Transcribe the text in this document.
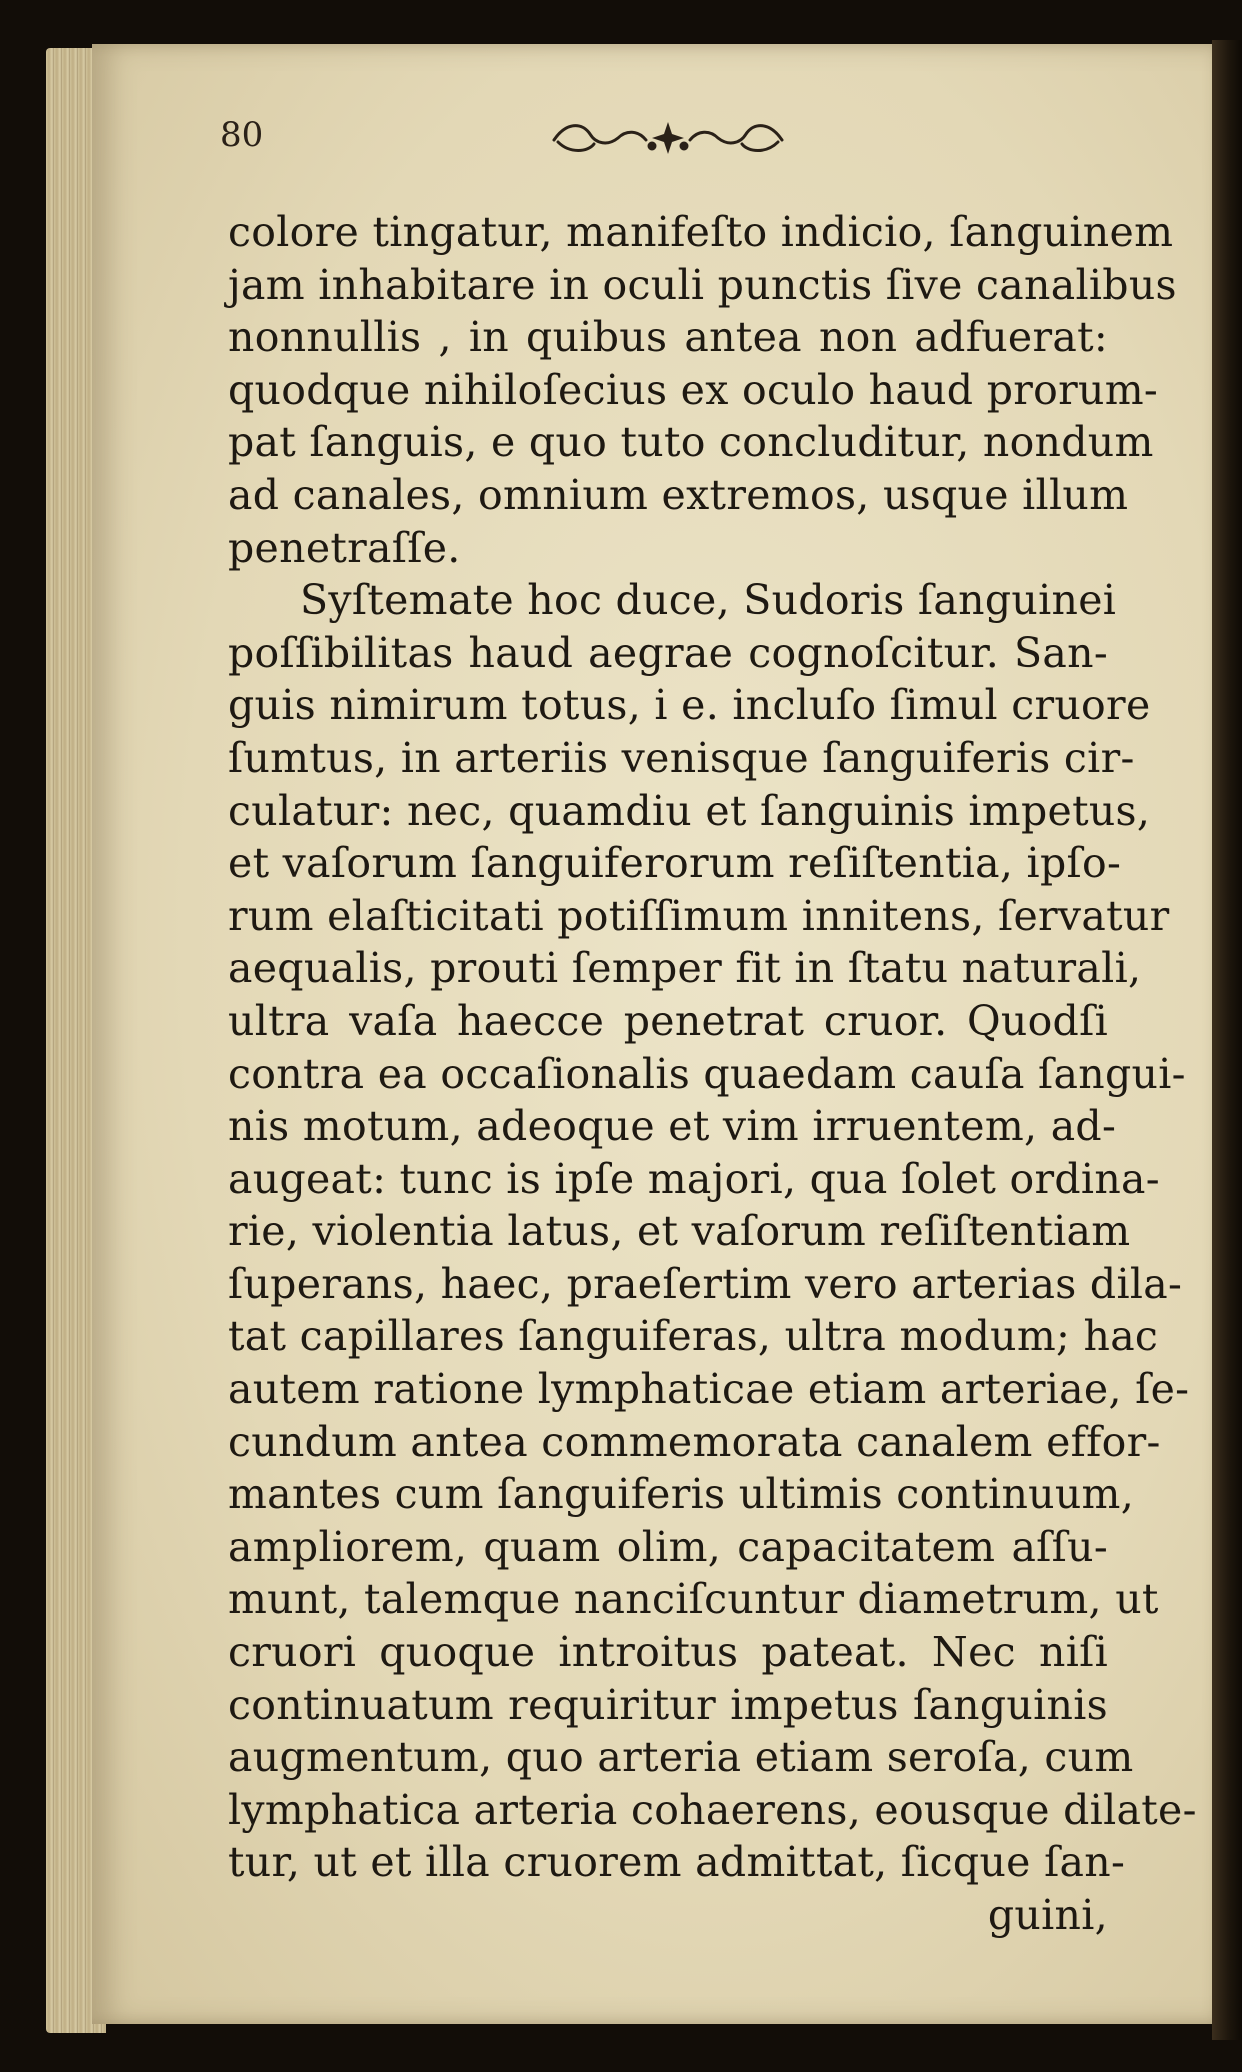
80
colore tingatur, manifeſto indicio, ſanguinem
jam inhabitare in oculi punctis ſive canalibus
nonnullis , in quibus antea non adfuerat:
quodque nihiloſecius ex oculo haud prorum-
pat ſanguis, e quo tuto concluditur, nondum
ad canales, omnium extremos, usque illum
penetraſſe.
Syſtemate hoc duce, Sudoris ſanguinei
poſſibilitas haud aegrae cognoſcitur. San-
guis nimirum totus, i e. incluſo ſimul cruore
ſumtus, in arteriis venisque ſanguiferis cir-
culatur: nec, quamdiu et ſanguinis impetus,
et vaſorum ſanguiferorum reſiſtentia, ipſo-
rum elaſticitati potiſſimum innitens, ſervatur
aequalis, prouti ſemper fit in ſtatu naturali,
ultra vaſa haecce penetrat cruor. Quodſi
contra ea occaſionalis quaedam cauſa ſangui-
nis motum, adeoque et vim irruentem, ad-
augeat: tunc is ipſe majori, qua ſolet ordina-
rie, violentia latus, et vaſorum reſiſtentiam
ſuperans, haec, praeſertim vero arterias dila-
tat capillares ſanguiferas, ultra modum; hac
autem ratione lymphaticae etiam arteriae, ſe-
cundum antea commemorata canalem effor-
mantes cum ſanguiferis ultimis continuum,
ampliorem, quam olim, capacitatem aſſu-
munt, talemque nanciſcuntur diametrum, ut
cruori quoque introitus pateat. Nec niſi
continuatum requiritur impetus ſanguinis
augmentum, quo arteria etiam seroſa, cum
lymphatica arteria cohaerens, eousque dilate-
tur, ut et illa cruorem admittat, ſicque ſan-
guini,
